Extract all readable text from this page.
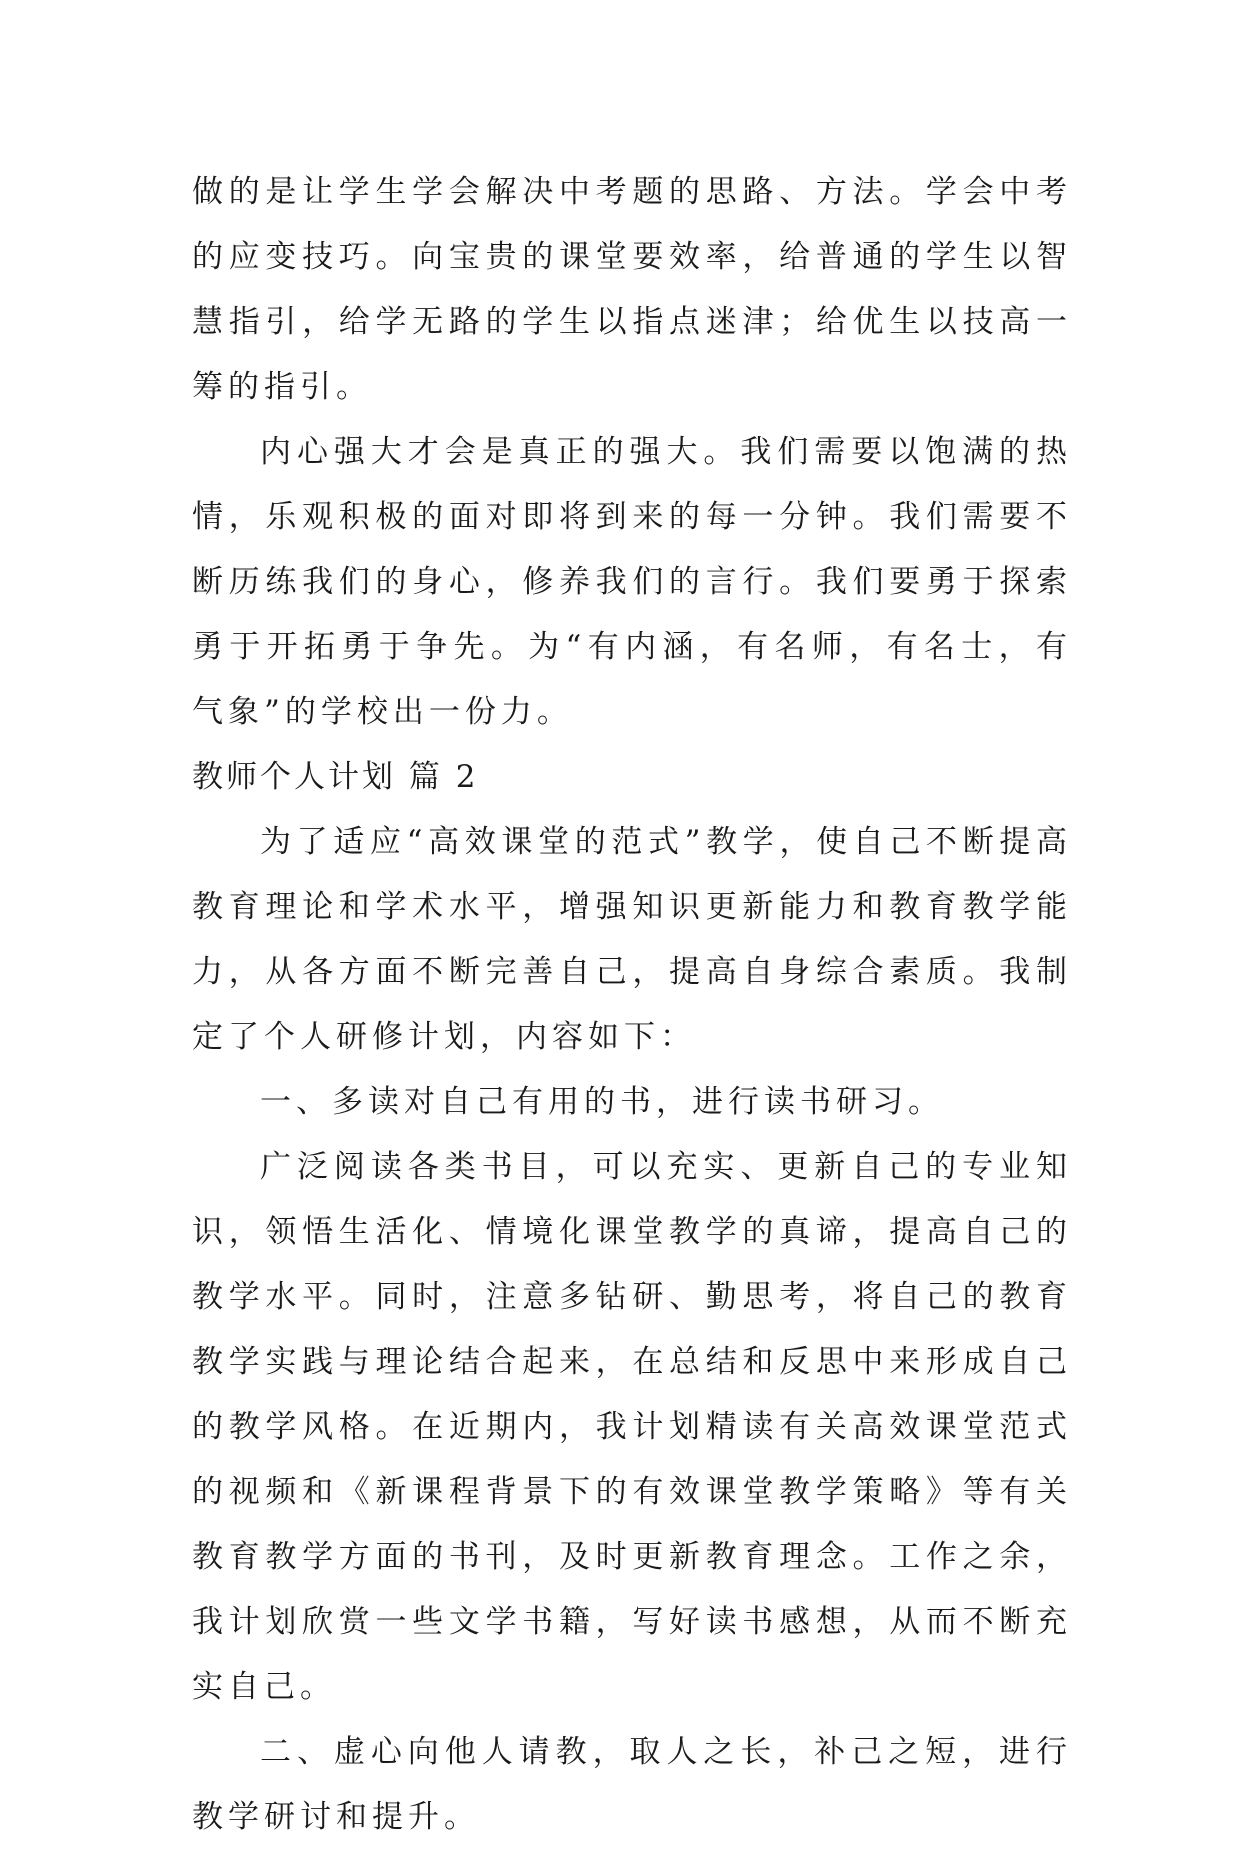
做的是让学生学会解决中考题的思路、方法。学会中考的应变技巧。向宝贵的课堂要效率，给普通的学生以智慧指引，给学无路的学生以指点迷津；给优生以技高一筹的指引。

内心强大才会是真正的强大。我们需要以饱满的热情，乐观积极的面对即将到来的每一分钟。我们需要不断历练我们的身心，修养我们的言行。我们要勇于探索勇于开拓勇于争先。为“有内涵，有名师，有名士，有气象”的学校出一份力。

教师个人计划 篇 2

为了适应“高效课堂的范式”教学，使自己不断提高教育理论和学术水平，增强知识更新能力和教育教学能力，从各方面不断完善自己，提高自身综合素质。我制定了个人研修计划，内容如下：

一、多读对自己有用的书，进行读书研习。

广泛阅读各类书目，可以充实、更新自己的专业知识，领悟生活化、情境化课堂教学的真谛，提高自己的教学水平。同时，注意多钻研、勤思考，将自己的教育教学实践与理论结合起来，在总结和反思中来形成自己的教学风格。在近期内，我计划精读有关高效课堂范式的视频和《新课程背景下的有效课堂教学策略》等有关教育教学方面的书刊，及时更新教育理念。工作之余，我计划欣赏一些文学书籍，写好读书感想，从而不断充实自己。

二、虚心向他人请教，取人之长，补己之短，进行教学研讨和提升。
